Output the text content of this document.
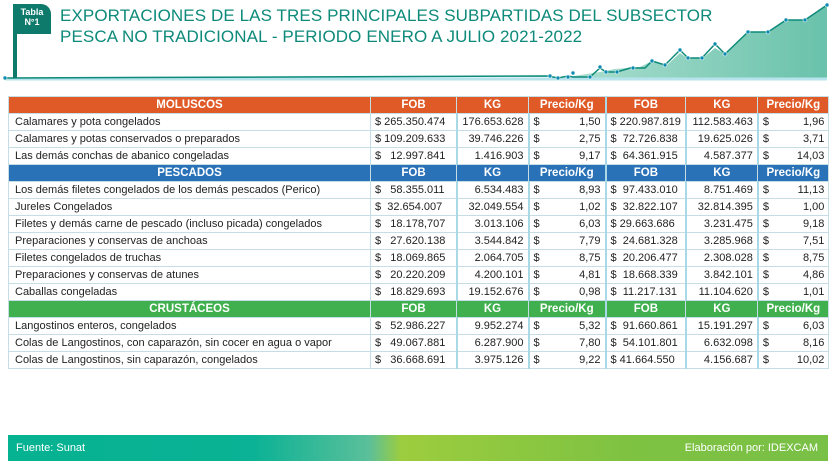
Tabla
N°1	EXPORTACIONES DE LAS TRES PRINCIPALES SUBPARTIDAS DEL SUBSECTOR
PESCA NO TRADICIONAL - PERIODO ENERO A JULIO 2021-2022
MOLUSCOS	FOB	KG	Precio/Kg	FOB	KG	Precio/Kg
Calamares y pota congelados	$ 265.350.474	176.653.628	$ 1,50	$ 220.987.819	112.583.463	$ 1,96

Calamares y potas conservados o preparados	$ 109.209.633	39.746.226	$ 2,75	$  72.726.838	19.625.026	$ 3,71

Las demás conchas de abanico congeladas	$   12.997.841	1.416.903	$ 9,17	$  64.361.915	4.587.377	$ 14,03

PESCADOS	FOB	KG	Precio/Kg	FOB	KG	Precio/Kg
Los demás filetes congelados de los demás pescados (Perico)	$   58.355.011	6.534.483	$ 8,93	$  97.433.010	8.751.469	$ 11,13

Jureles Congelados	$  32.654.007	32.049.554	$ 1,02	$  32.822.107	32.814.395	$ 1,00

Filetes y demás carne de pescado (incluso picada) congelados	$   18.178,707	3.013.106	$ 6,03	$ 29.663.686	3.231.475	$ 9,18

Preparaciones y conservas de anchoas	$   27.620.138	3.544.842	$ 7,79	$  24.681.328	3.285.968	$ 7,51

Filetes congelados de truchas	$   18.069.865	2.064.705	$ 8,75	$  20.206.477	2.308.028	$ 8,75

Preparaciones y conservas de atunes	$   20.220.209	4.200.101	$ 4,81	$  18.668.339	3.842.101	$ 4,86

Caballas congeladas	$   18.829.693	19.152.676	$ 0,98	$  11.217.131	11.104.620	$ 1,01

CRUSTÁCEOS	FOB	KG	Precio/Kg	FOB	KG	Precio/Kg
Langostinos enteros, congelados	$   52.986.227	9.952.274	$ 5,32	$  91.660.861	15.191.297	$ 6,03

Colas de Langostinos, con caparazón, sin cocer en agua o vapor	$   49.067.881	6.287.900	$ 7,80	$  54.101.801	6.632.098	$ 8,16

Colas de Langostinos, sin caparazón, congelados	$   36.668.691	3.975.126	$ 9,22	$ 41.664.550	4.156.687	$ 10,02
Fuente: Sunat	Elaboración por: IDEXCAM
